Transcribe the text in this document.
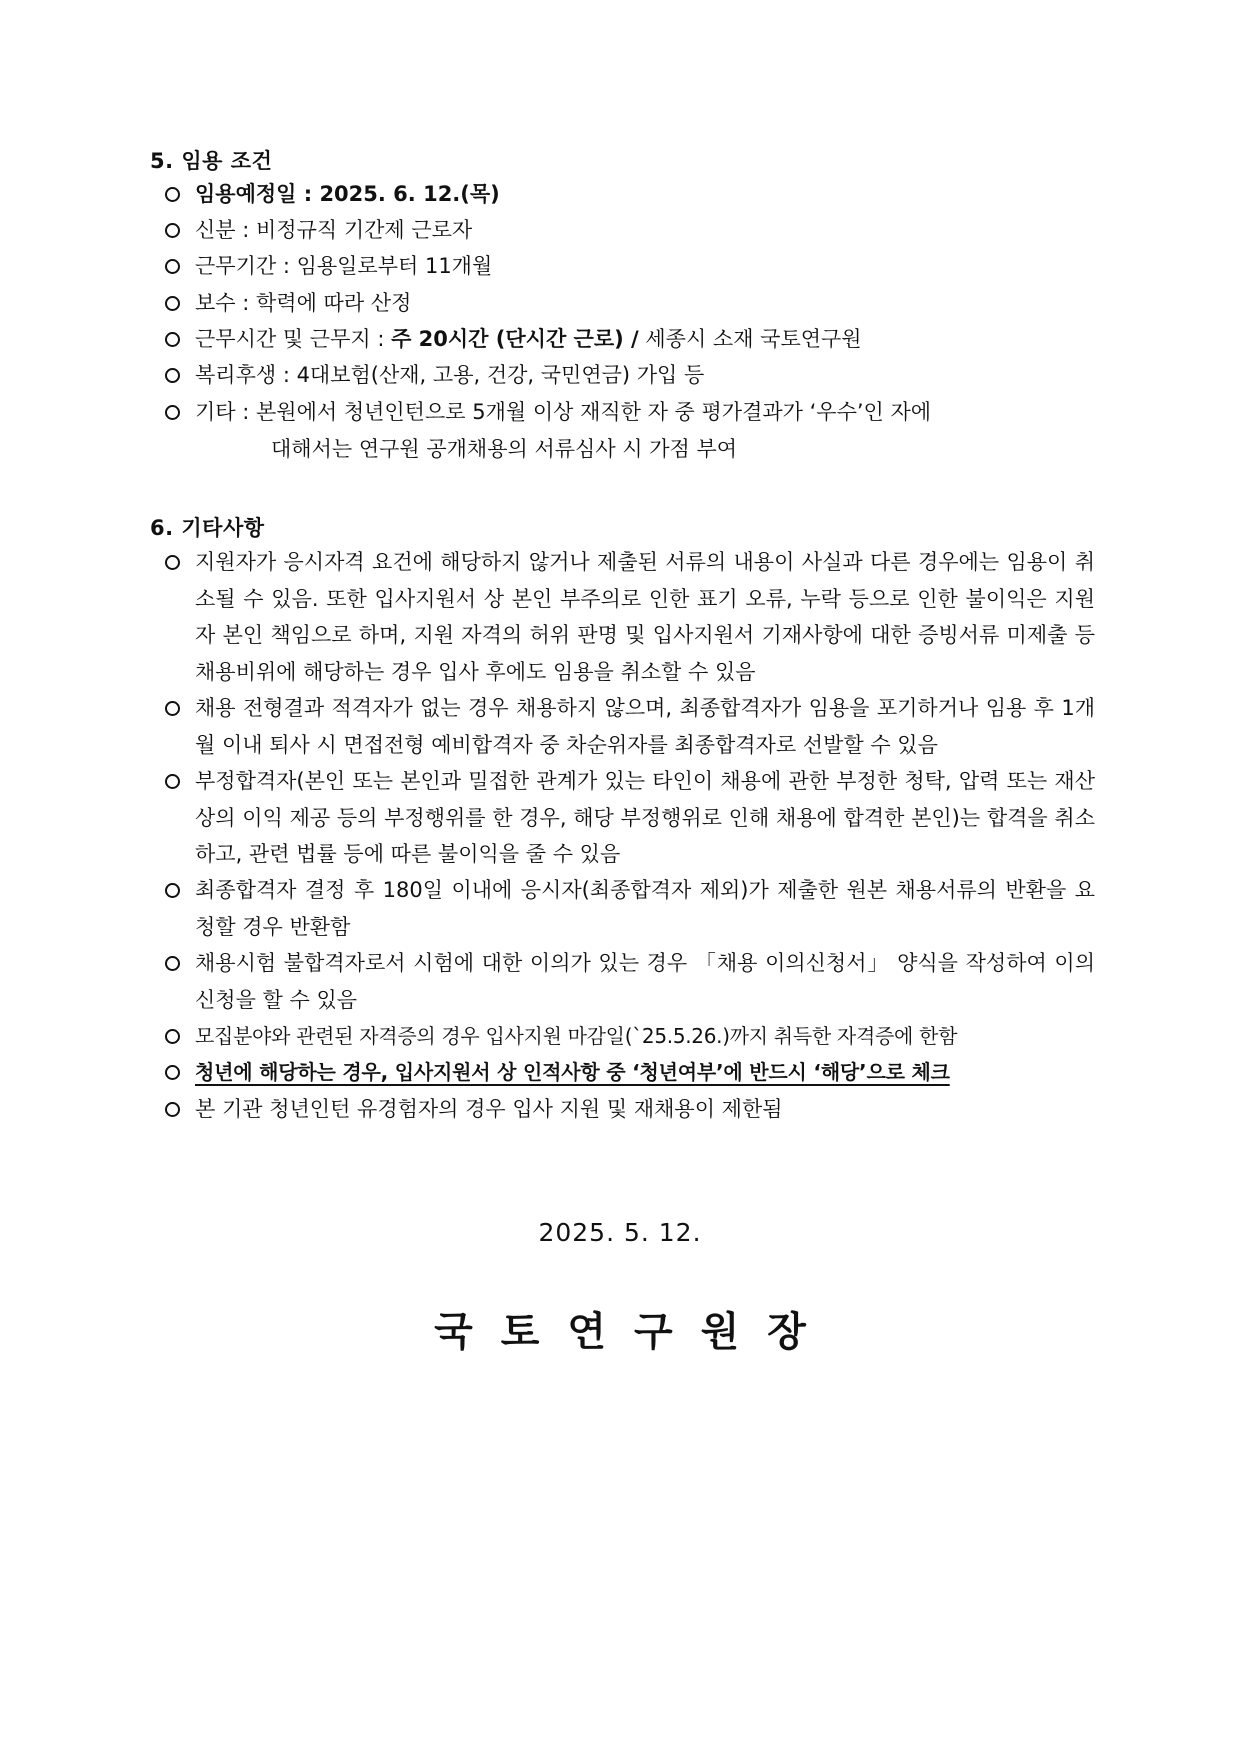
5. 임용 조건
임용예정일 : 2025. 6. 12.(목)
신분 : 비정규직 기간제 근로자
근무기간 : 임용일로부터 11개월
보수 : 학력에 따라 산정
근무시간 및 근무지 : 주 20시간 (단시간 근로) / 세종시 소재 국토연구원
복리후생 : 4대보험(산재, 고용, 건강, 국민연금) 가입 등
기타 : 본원에서 청년인턴으로 5개월 이상 재직한 자 중 평가결과가 ‘우수’인 자에
대해서는 연구원 공개채용의 서류심사 시 가점 부여
6. 기타사항
지원자가 응시자격 요건에 해당하지 않거나 제출된 서류의 내용이 사실과 다른 경우에는 임용이 취소될 수 있음. 또한 입사지원서 상 본인 부주의로 인한 표기 오류, 누락 등으로 인한 불이익은 지원자 본인 책임으로 하며, 지원 자격의 허위 판명 및 입사지원서 기재사항에 대한 증빙서류 미제출 등 채용비위에 해당하는 경우 입사 후에도 임용을 취소할 수 있음
채용 전형결과 적격자가 없는 경우 채용하지 않으며, 최종합격자가 임용을 포기하거나 임용 후 1개월 이내 퇴사 시 면접전형 예비합격자 중 차순위자를 최종합격자로 선발할 수 있음
부정합격자(본인 또는 본인과 밀접한 관계가 있는 타인이 채용에 관한 부정한 청탁, 압력 또는 재산상의 이익 제공 등의 부정행위를 한 경우, 해당 부정행위로 인해 채용에 합격한 본인)는 합격을 취소하고, 관련 법률 등에 따른 불이익을 줄 수 있음
최종합격자 결정 후 180일 이내에 응시자(최종합격자 제외)가 제출한 원본 채용서류의 반환을 요청할 경우 반환함
채용시험 불합격자로서 시험에 대한 이의가 있는 경우 「채용 이의신청서」 양식을 작성하여 이의신청을 할 수 있음
모집분야와 관련된 자격증의 경우 입사지원 마감일(`25.5.26.)까지 취득한 자격증에 한함
청년에 해당하는 경우, 입사지원서 상 인적사항 중 ‘청년여부’에 반드시 ‘해당’으로 체크
본 기관 청년인턴 유경험자의 경우 입사 지원 및 재채용이 제한됨
2025. 5. 12.
국토연구원장
